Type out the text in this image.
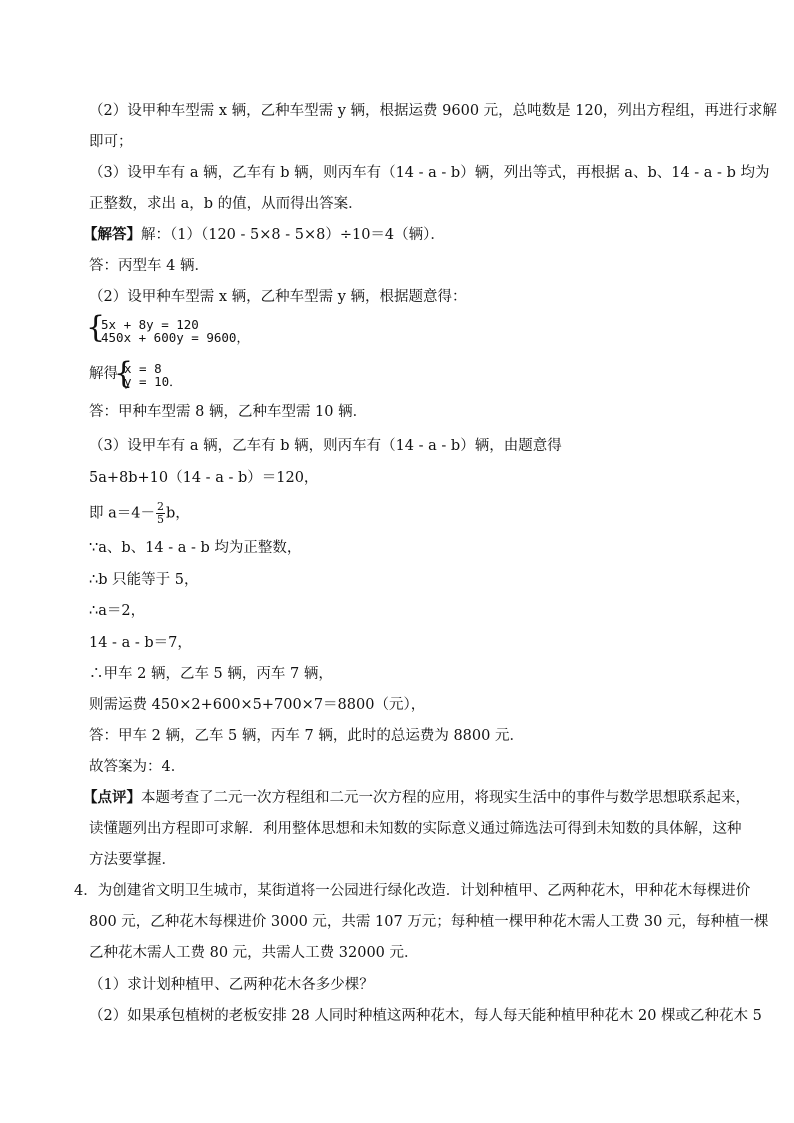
（2）设甲种车型需 x 辆，乙种车型需 y 辆，根据运费 9600 元，总吨数是 120，列出方程组，再进行求解
即可；
（3）设甲车有 a 辆，乙车有 b 辆，则丙车有（14 - a - b）辆，列出等式，再根据 a、b、14 - a - b 均为
正整数，求出 a，b 的值，从而得出答案．
【解答】解：（1）（120 - 5×8 - 5×8）÷10＝4（辆）．
答：丙型车 4 辆．
（2）设甲种车型需 x 辆，乙种车型需 y 辆，根据题意得：
{
5x + 8y = 120
450x + 600y = 9600，
解得
{
x = 8
y = 10．
答：甲种车型需 8 辆，乙种车型需 10 辆．
（3）设甲车有 a 辆，乙车有 b 辆，则丙车有（14 - a - b）辆，由题意得
5a+8b+10（14 - a - b）＝120，
即 $a=4- \frac{2}{5}$ b，
∵a、b、14 - a - b 均为正整数，
∴b 只能等于 5，
∴a＝2，
14 - a - b＝7，
∴甲车 2 辆，乙车 5 辆，丙车 7 辆，
则需运费 450×2+600×5+700×7＝8800（元），
答：甲车 2 辆，乙车 5 辆，丙车 7 辆，此时的总运费为 8800 元．
故答案为：4．
【点评】本题考查了二元一次方程组和二元一次方程的应用，将现实生活中的事件与数学思想联系起来，
读懂题列出方程即可求解．利用整体思想和未知数的实际意义通过筛选法可得到未知数的具体解，这种
方法要掌握．
4．为创建省文明卫生城市，某街道将一公园进行绿化改造．计划种植甲、乙两种花木，甲种花木每棵进价
800 元，乙种花木每棵进价 3000 元，共需 107 万元；每种植一棵甲种花木需人工费 30 元，每种植一棵
乙种花木需人工费 80 元，共需人工费 32000 元．
（1）求计划种植甲、乙两种花木各多少棵？
（2）如果承包植树的老板安排 28 人同时种植这两种花木，每人每天能种植甲种花木 20 棵或乙种花木 5
